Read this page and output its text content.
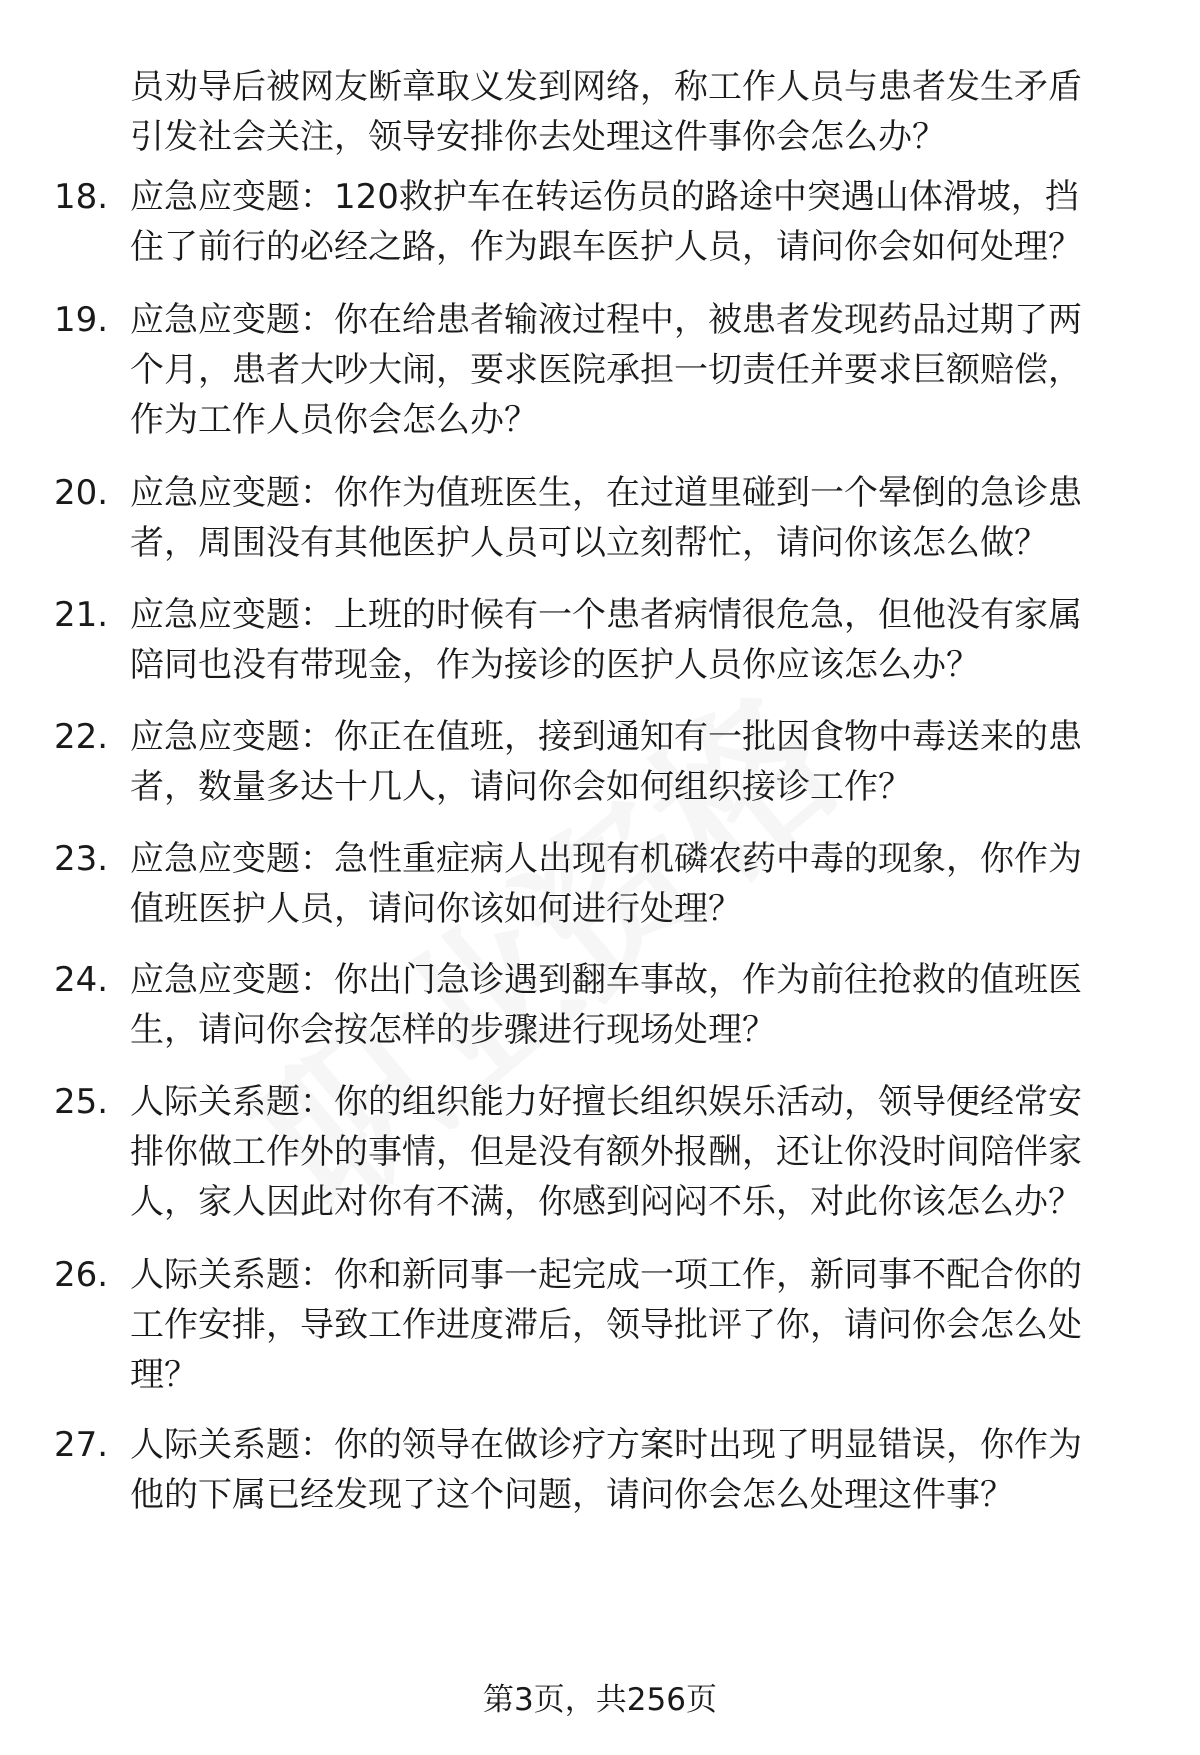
员劝导后被网友断章取义发到网络，称工作人员与患者发生矛盾
引发社会关注，领导安排你去处理这件事你会怎么办？
18. 应急应变题：120救护车在转运伤员的路途中突遇山体滑坡，挡
住了前行的必经之路，作为跟车医护人员，请问你会如何处理？
19. 应急应变题：你在给患者输液过程中，被患者发现药品过期了两
个月，患者大吵大闹，要求医院承担一切责任并要求巨额赔偿，
作为工作人员你会怎么办？
20. 应急应变题：你作为值班医生，在过道里碰到一个晕倒的急诊患
者，周围没有其他医护人员可以立刻帮忙，请问你该怎么做？
21. 应急应变题：上班的时候有一个患者病情很危急，但他没有家属
陪同也没有带现金，作为接诊的医护人员你应该怎么办？
22. 应急应变题：你正在值班，接到通知有一批因食物中毒送来的患
者，数量多达十几人，请问你会如何组织接诊工作？
23. 应急应变题：急性重症病人出现有机磷农药中毒的现象，你作为
值班医护人员，请问你该如何进行处理？
24. 应急应变题：你出门急诊遇到翻车事故，作为前往抢救的值班医
生，请问你会按怎样的步骤进行现场处理？
25. 人际关系题：你的组织能力好擅长组织娱乐活动，领导便经常安
排你做工作外的事情，但是没有额外报酬，还让你没时间陪伴家
人，家人因此对你有不满，你感到闷闷不乐，对此你该怎么办？
26. 人际关系题：你和新同事一起完成一项工作，新同事不配合你的
工作安排，导致工作进度滞后，领导批评了你，请问你会怎么处
理？
27. 人际关系题：你的领导在做诊疗方案时出现了明显错误，你作为
他的下属已经发现了这个问题，请问你会怎么处理这件事？
第3页，共256页
